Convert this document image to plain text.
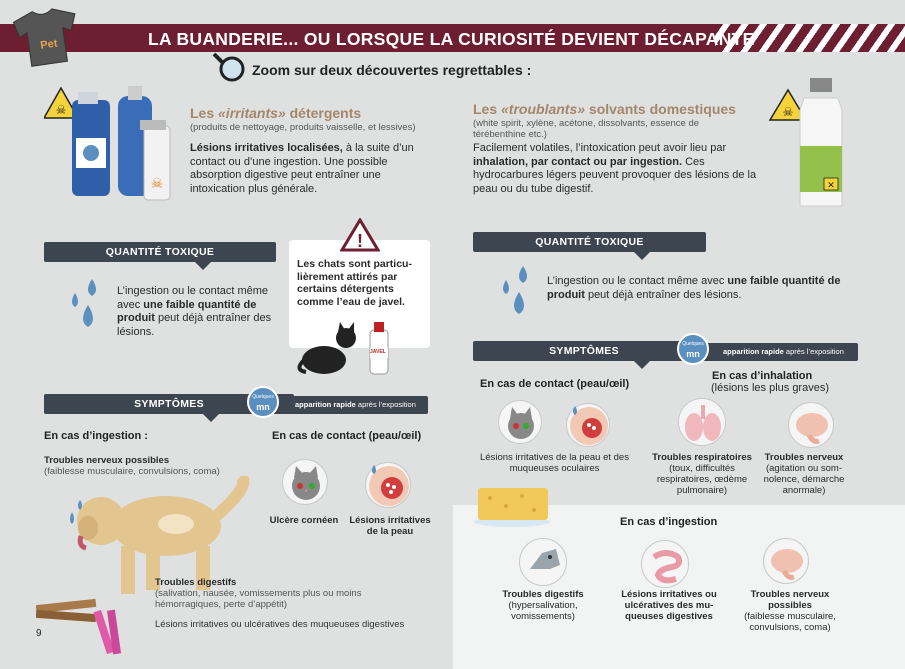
LA BUANDERIE... OU LORSQUE LA CURIOSITÉ DEVIENT DÉCAPANTE
Pet
Zoom sur deux découvertes regrettables :
☠
☠
Les «irritants» détergents
(produits de nettoyage, produits vaisselle, et lessives)
Lésions irritatives localisées, à la suite d’un contact ou d’une ingestion. Une possible absorption digestive peut entraîner une intoxication plus générale.
QUANTITÉ TOXIQUE
L’ingestion ou le contact même avec une faible quantité de produit peut déjà entraîner des lésions.
!
Les chats sont particu-lièrement attirés par certains détergents comme l’eau de javel.
JAVEL
SYMPTÔMES	apparition rapide après l’exposition
Quelques
mn
En cas d’ingestion :	En cas de contact (peau/œil)
Troubles nerveux possibles
(faiblesse musculaire, convulsions, coma)
Ulcère cornéen	Lésions irritatives de la peau
Troubles digestifs
(salivation, nausée, vomissements plus ou moins hémorragiques, perte d’appétit)
Lésions irritatives ou ulcératives des muqueuses digestives
9
Les «troublants» solvants domestiques
(white spirit, xylène, acétone, dissolvants, essence de térébenthine etc.)
Facilement volatiles, l’intoxication peut avoir lieu par inhalation, par contact ou par ingestion. Ces hydrocarbures légers peuvent provoquer des lésions de la peau ou du tube digestif.
☠
✕
QUANTITÉ TOXIQUE
L’ingestion ou le contact même avec une faible quantité de produit peut déjà entraîner des lésions.
SYMPTÔMES	apparition rapide après l’exposition
Quelques
mn
En cas de contact (peau/œil)
En cas d’inhalation
(lésions les plus graves)
Lésions irritatives de la peau et des muqueuses oculaires
Troubles respiratoires
(toux, difficultés respiratoires, œdème pulmonaire)
Troubles nerveux
(agitation ou som-nolence, démarche anormale)
En cas d’ingestion
Troubles digestifs
(hypersalivation, vomissements)
Lésions irritatives ou ulcératives des mu-queuses digestives
Troubles nerveux possibles
(faiblesse musculaire, convulsions, coma)
